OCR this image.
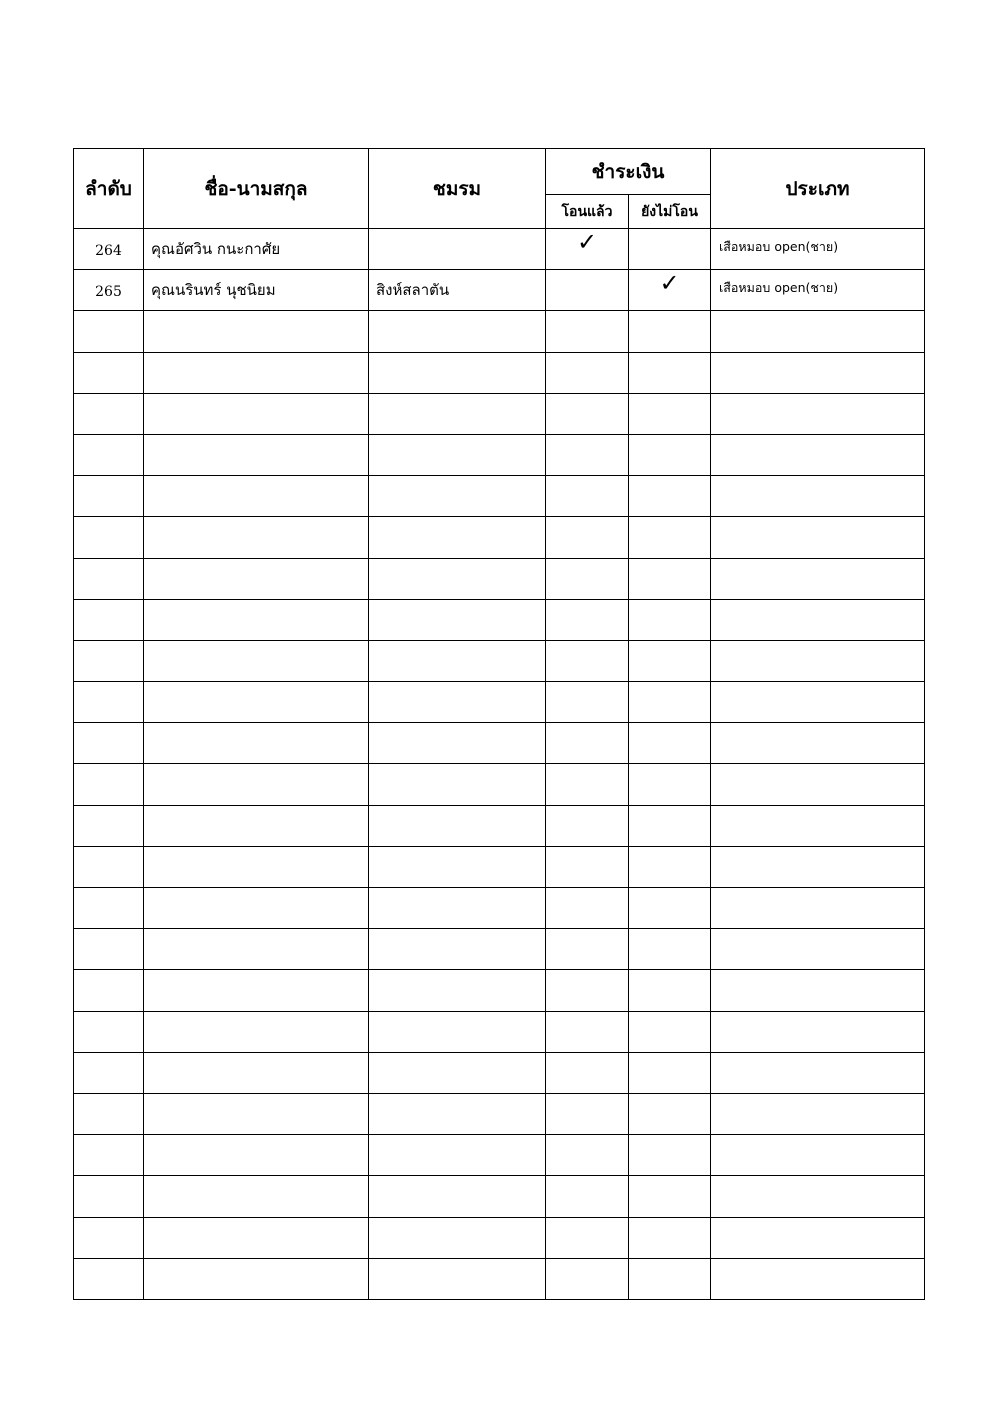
ลำดับ	ชื่อ-นามสกุล	ชมรม	ชำระเงิน		ประเภท
			โอนแล้ว	ยังไม่โอน	
264	คุณอัศวิน กนะกาศัย		✓		เสือหมอบ open(ชาย)
265	คุณนรินทร์ นุชนิยม	สิงห์สลาตัน		✓	เสือหมอบ open(ชาย)
